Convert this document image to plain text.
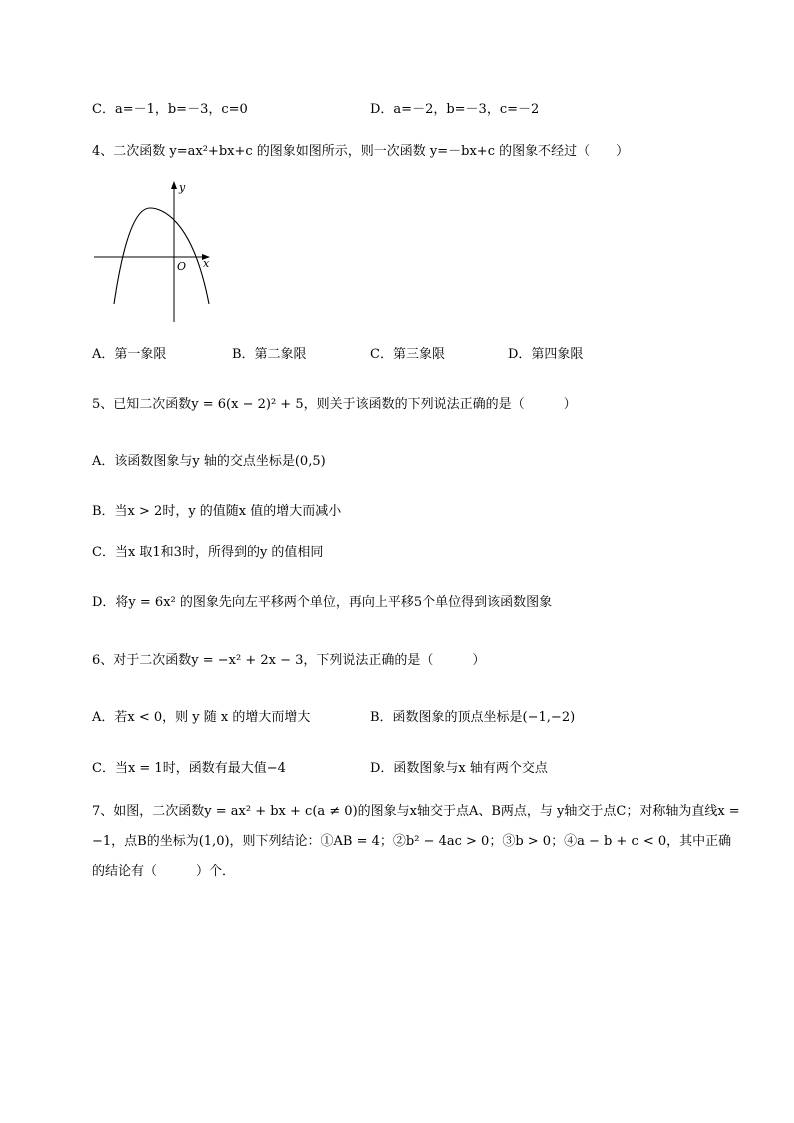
C．a=－1，b=－3，c=0	D．a=－2，b=－3，c=－2
4、二次函数 y=ax²+bx+c 的图象如图所示，则一次函数 y=－bx+c 的图象不经过（　　）
y
x
O
A．第一象限	B．第二象限	C．第三象限	D．第四象限
5、已知二次函数y = 6(x − 2)² + 5，则关于该函数的下列说法正确的是（　　　）
A．该函数图象与y 轴的交点坐标是(0,5)
B．当x > 2时，y 的值随x 值的增大而减小
C．当x 取1和3时，所得到的y 的值相同
D．将y = 6x² 的图象先向左平移两个单位，再向上平移5个单位得到该函数图象
6、对于二次函数y = −x² + 2x − 3，下列说法正确的是（　　　）
A．若x < 0，则 y 随 x 的增大而增大	B．函数图象的顶点坐标是(−1,−2)
C．当x = 1时，函数有最大值−4	D．函数图象与x 轴有两个交点
7、如图，二次函数y = ax² + bx + c(a ≠ 0)的图象与x轴交于点A、B两点，与 y轴交于点C；对称轴为直线x = −1，点B的坐标为(1,0)，则下列结论：①AB = 4；②b² − 4ac > 0；③b > 0；④a − b + c < 0，其中正确的结论有（　　　）个．
